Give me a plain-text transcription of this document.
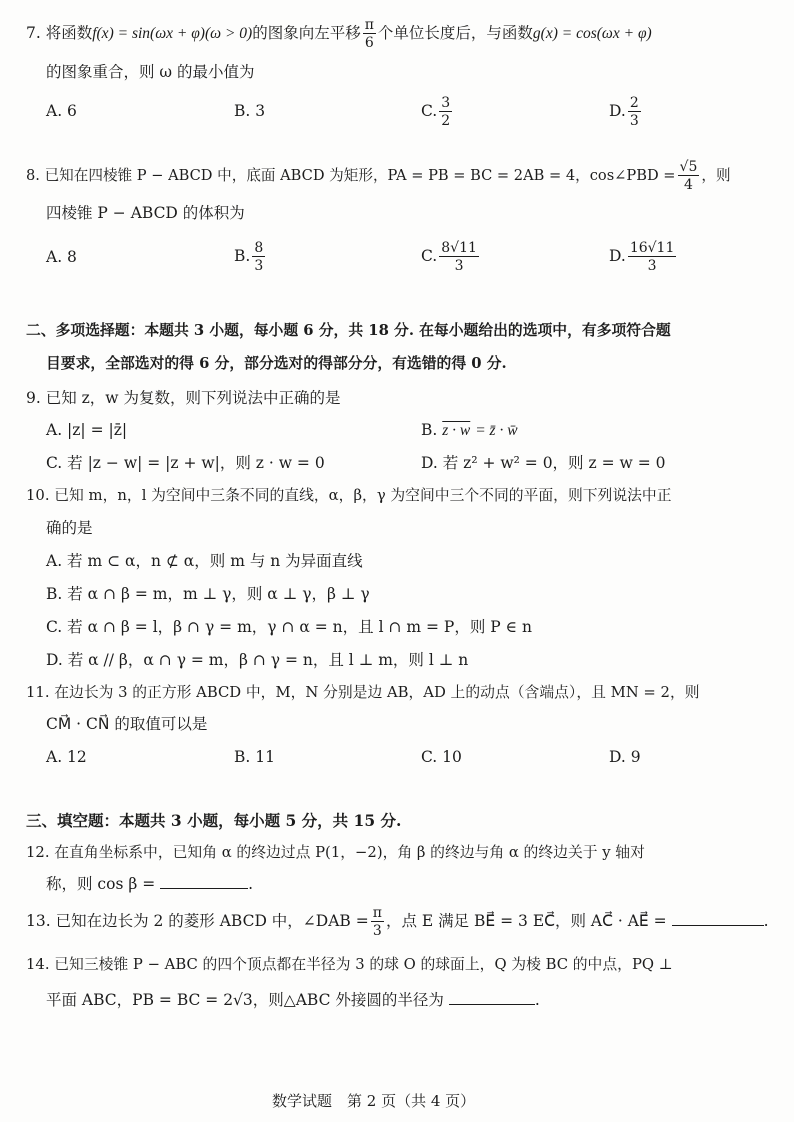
7. 将函数f(x) = sin(ωx + φ)(ω > 0)的图象向左平移 $\frac{\pi}{6}$ 个单位长度后，与函数g(x) = cos(ωx + φ)
的图象重合，则 ω 的最小值为
A. 6	B. 3	C. $\frac{3}{2}$	D. $\frac{2}{3}$
8. 已知在四棱锥 P − ABCD 中，底面 ABCD 为矩形，PA = PB = BC = 2AB = 4，cos∠PBD = $\frac{√5}{4}$ ，则
四棱锥 P − ABCD 的体积为
A. 8	B. $\frac{8}{3}$	C. $\frac{8√11}{3}$	D. $\frac{16√11}{3}$
二、多项选择题：本题共 3 小题，每小题 6 分，共 18 分. 在每小题给出的选项中，有多项符合题
目要求，全部选对的得 6 分，部分选对的得部分分，有选错的得 0 分.
9. 已知 z，w 为复数，则下列说法中正确的是
A. |z| = |z̄|	B. z · w = z̄ · w̄
C. 若 |z − w| = |z + w|，则 z · w = 0	D. 若 z² + w² = 0，则 z = w = 0
10. 已知 m，n，l 为空间中三条不同的直线，α，β，γ 为空间中三个不同的平面，则下列说法中正
确的是
A. 若 m ⊂ α，n ⊄ α，则 m 与 n 为异面直线
B. 若 α ∩ β = m，m ⊥ γ，则 α ⊥ γ，β ⊥ γ
C. 若 α ∩ β = l，β ∩ γ = m，γ ∩ α = n，且 l ∩ m = P，则 P ∈ n
D. 若 α // β，α ∩ γ = m，β ∩ γ = n，且 l ⊥ m，则 l ⊥ n
11. 在边长为 3 的正方形 ABCD 中，M，N 分别是边 AB，AD 上的动点（含端点），且 MN = 2，则
CM⃗ · CN⃗ 的取值可以是
A. 12	B. 11	C. 10	D. 9
三、填空题：本题共 3 小题，每小题 5 分，共 15 分.
12. 在直角坐标系中，已知角 α 的终边过点 P(1，−2)，角 β 的终边与角 α 的终边关于 y 轴对
称，则 cos β =	.
13. 已知在边长为 2 的菱形 ABCD 中，∠DAB = $\frac{\pi}{3}$ ，点 E 满足 BE⃗ = 3 EC⃗，则 AC⃗ · AE⃗ =	.
14. 已知三棱锥 P − ABC 的四个顶点都在半径为 3 的球 O 的球面上，Q 为棱 BC 的中点，PQ ⊥
平面 ABC，PB = BC = 2√3，则△ABC 外接圆的半径为	.
数学试题　第 2 页（共 4 页）
